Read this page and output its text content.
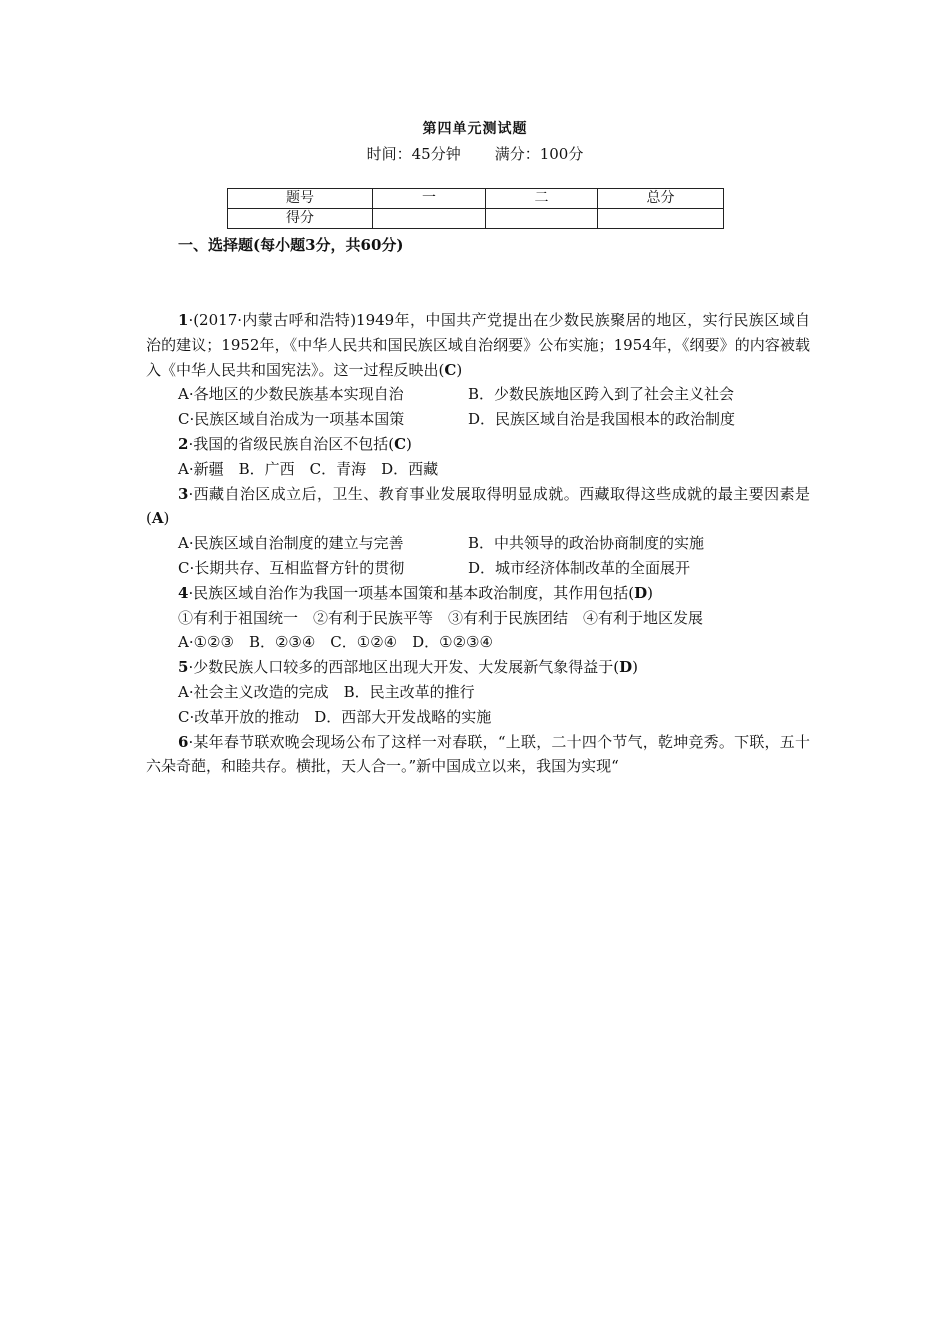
第四单元测试题
时间：45分钟 满分：100分
题号	一	二	总分
得分			
一、选择题(每小题3分，共60分)
1·(2017·内蒙古呼和浩特)1949年，中国共产党提出在少数民族聚居的地区，实行民族区域自治的建议；1952年，《中华人民共和国民族区域自治纲要》公布实施；1954年，《纲要》的内容被载入《中华人民共和国宪法》。这一过程反映出(C)
A·各地区的少数民族基本实现自治	B．少数民族地区跨入到了社会主义社会
C·民族区域自治成为一项基本国策	D．民族区域自治是我国根本的政治制度
2·我国的省级民族自治区不包括(C)
A·新疆　B．广西　C．青海　D．西藏
3·西藏自治区成立后，卫生、教育事业发展取得明显成就。西藏取得这些成就的最主要因素是(A)
A·民族区域自治制度的建立与完善	B．中共领导的政治协商制度的实施
C·长期共存、互相监督方针的贯彻	D．城市经济体制改革的全面展开
4·民族区域自治作为我国一项基本国策和基本政治制度，其作用包括(D)
①有利于祖国统一　②有利于民族平等　③有利于民族团结　④有利于地区发展
A·①②③　B．②③④　C．①②④　D．①②③④
5·少数民族人口较多的西部地区出现大开发、大发展新气象得益于(D)
A·社会主义改造的完成　B．民主改革的推行
C·改革开放的推动　D．西部大开发战略的实施
6·某年春节联欢晚会现场公布了这样一对春联，“上联，二十四个节气，乾坤竞秀。下联，五十六朵奇葩，和睦共存。横批，天人合一。”新中国成立以来，我国为实现“
